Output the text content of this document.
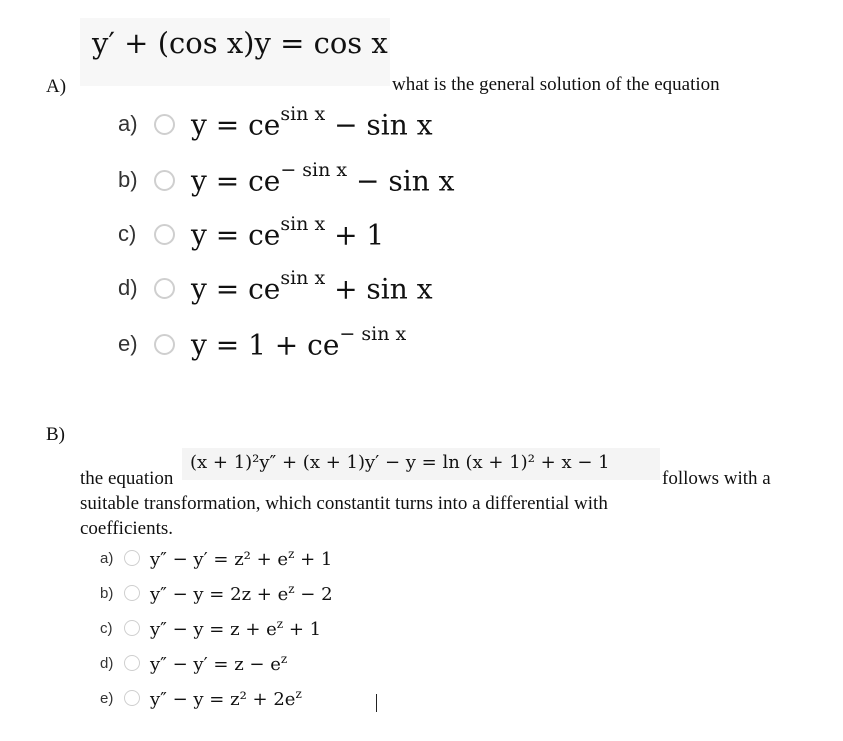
y′ + (cos x)y = cos x
A)	what is the general solution of the equation
a)	$y = ce^{sin x} - \sin x$
b)	$y = ce^{- sin x} - \sin x$
c)	$y = ce^{sin x} + 1$
d)	$y = ce^{sin x} + \sin x$
e)	$y = 1 + ce^{- sin x}$
B)
the equation
(x + 1)²y″ + (x + 1)y′ − y = ln (x + 1)² + x − 1
follows with a
suitable transformation, which constantit turns into a differential with
coefficients.
a)	$y'' - y' = z^2 + e^z + 1$
b)	$y'' - y = 2z + e^z - 2$
c)	$y'' - y = z + e^z + 1$
d)	$y'' - y' = z - e^z$
e)	$y'' - y = z^2 + 2e^z$
